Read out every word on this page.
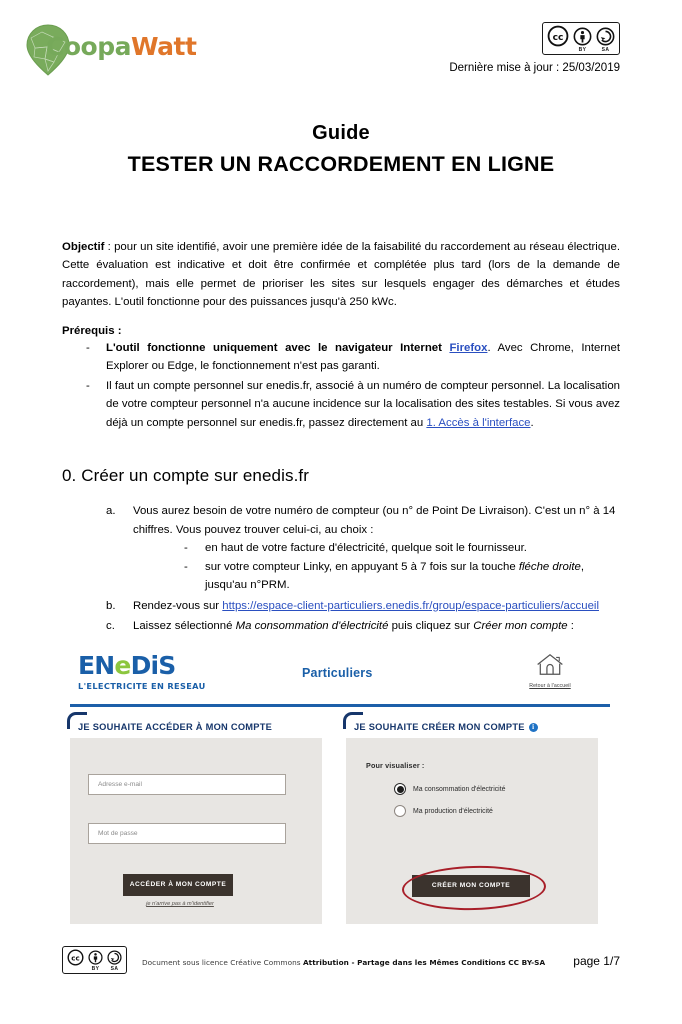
CoopaWatt	cc
BY	SA
Dernière mise à jour : 25/03/2019
Guide
TESTER UN RACCORDEMENT EN LIGNE

Objectif : pour un site identifié, avoir une première idée de la faisabilité du raccordement au réseau électrique. Cette évaluation est indicative et doit être confirmée et complétée plus tard (lors de la demande de raccordement), mais elle permet de prioriser les sites sur lesquels engager des démarches et études payantes. L'outil fonctionne pour des puissances jusqu'à 250 kWc.

Prérequis :
- L'outil fonctionne uniquement avec le navigateur Internet Firefox. Avec Chrome, Internet Explorer ou Edge, le fonctionnement n'est pas garanti.
- Il faut un compte personnel sur enedis.fr, associé à un numéro de compteur personnel. La localisation de votre compteur personnel n'a aucune incidence sur la localisation des sites testables. Si vous avez déjà un compte personnel sur enedis.fr, passez directement au 1. Accès à l'interface.
0. Créer un compte sur enedis.fr
Vous aurez besoin de votre numéro de compteur (ou n° de Point De Livraison). C'est un n° à 14 chiffres. Vous pouvez trouver celui-ci, au choix :
- en haut de votre facture d'électricité, quelque soit le fournisseur.
- sur votre compteur Linky, en appuyant 5 à 7 fois sur la touche fléche droite, jusqu'au n°PRM.
Rendez-vous sur https://espace-client-particuliers.enedis.fr/group/espace-particuliers/accueil
Laissez sélectionné Ma consommation d'électricité puis cliquez sur Créer mon compte :
ENeDiS
L'ELECTRICITE EN RESEAU
Particuliers
Retour à l'accueil
JE SOUHAITE ACCÉDER À MON COMPTE
Adresse e-mail
Mot de passe
ACCÉDER À MON COMPTE
je n'arrive pas à m'identifier
JE SOUHAITE CRÉER MON COMPTE	i
Pour visualiser :
Ma consommation d'électricité
Ma production d'électricité
CRÉER MON COMPTE
cc
BY	SA
Document sous licence Créative Commons Attribution - Partage dans les Mêmes Conditions CC BY-SA page 1/7
